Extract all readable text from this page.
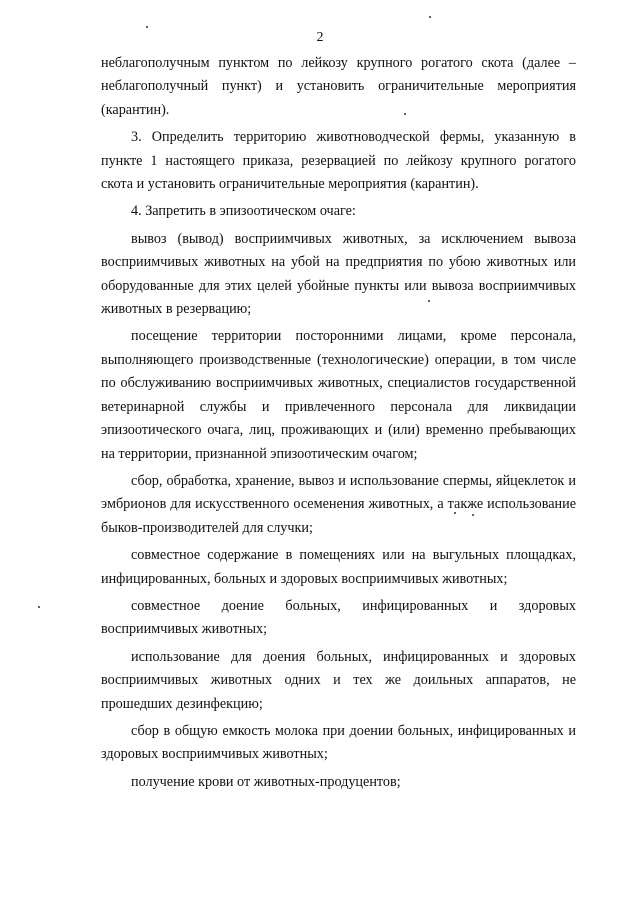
2

неблагополучным пунктом по лейкозу крупного рогатого скота (далее – неблагополучный пункт) и установить ограничительные мероприятия (карантин).

3. Определить территорию животноводческой фермы, указанную в пункте 1 настоящего приказа, резервацией по лейкозу крупного рогатого скота и установить ограничительные мероприятия (карантин).

4. Запретить в эпизоотическом очаге:

вывоз (вывод) восприимчивых животных, за исключением вывоза восприимчивых животных на убой на предприятия по убою животных или оборудованные для этих целей убойные пункты или вывоза восприимчивых животных в резервацию;

посещение территории посторонними лицами, кроме персонала, выполняющего производственные (технологические) операции, в том числе по обслуживанию восприимчивых животных, специалистов государственной ветеринарной службы и привлеченного персонала для ликвидации эпизоотического очага, лиц, проживающих и (или) временно пребывающих на территории, признанной эпизоотическим очагом;

сбор, обработка, хранение, вывоз и использование спермы, яйцеклеток и эмбрионов для искусственного осеменения животных, а также использование быков-производителей для случки;

совместное содержание в помещениях или на выгульных площадках, инфицированных, больных и здоровых восприимчивых животных;

совместное доение больных, инфицированных и здоровых восприимчивых животных;

использование для доения больных, инфицированных и здоровых восприимчивых животных одних и тех же доильных аппаратов, не прошедших дезинфекцию;

сбор в общую емкость молока при доении больных, инфицированных и здоровых восприимчивых животных;

получение крови от животных-продуцентов;
